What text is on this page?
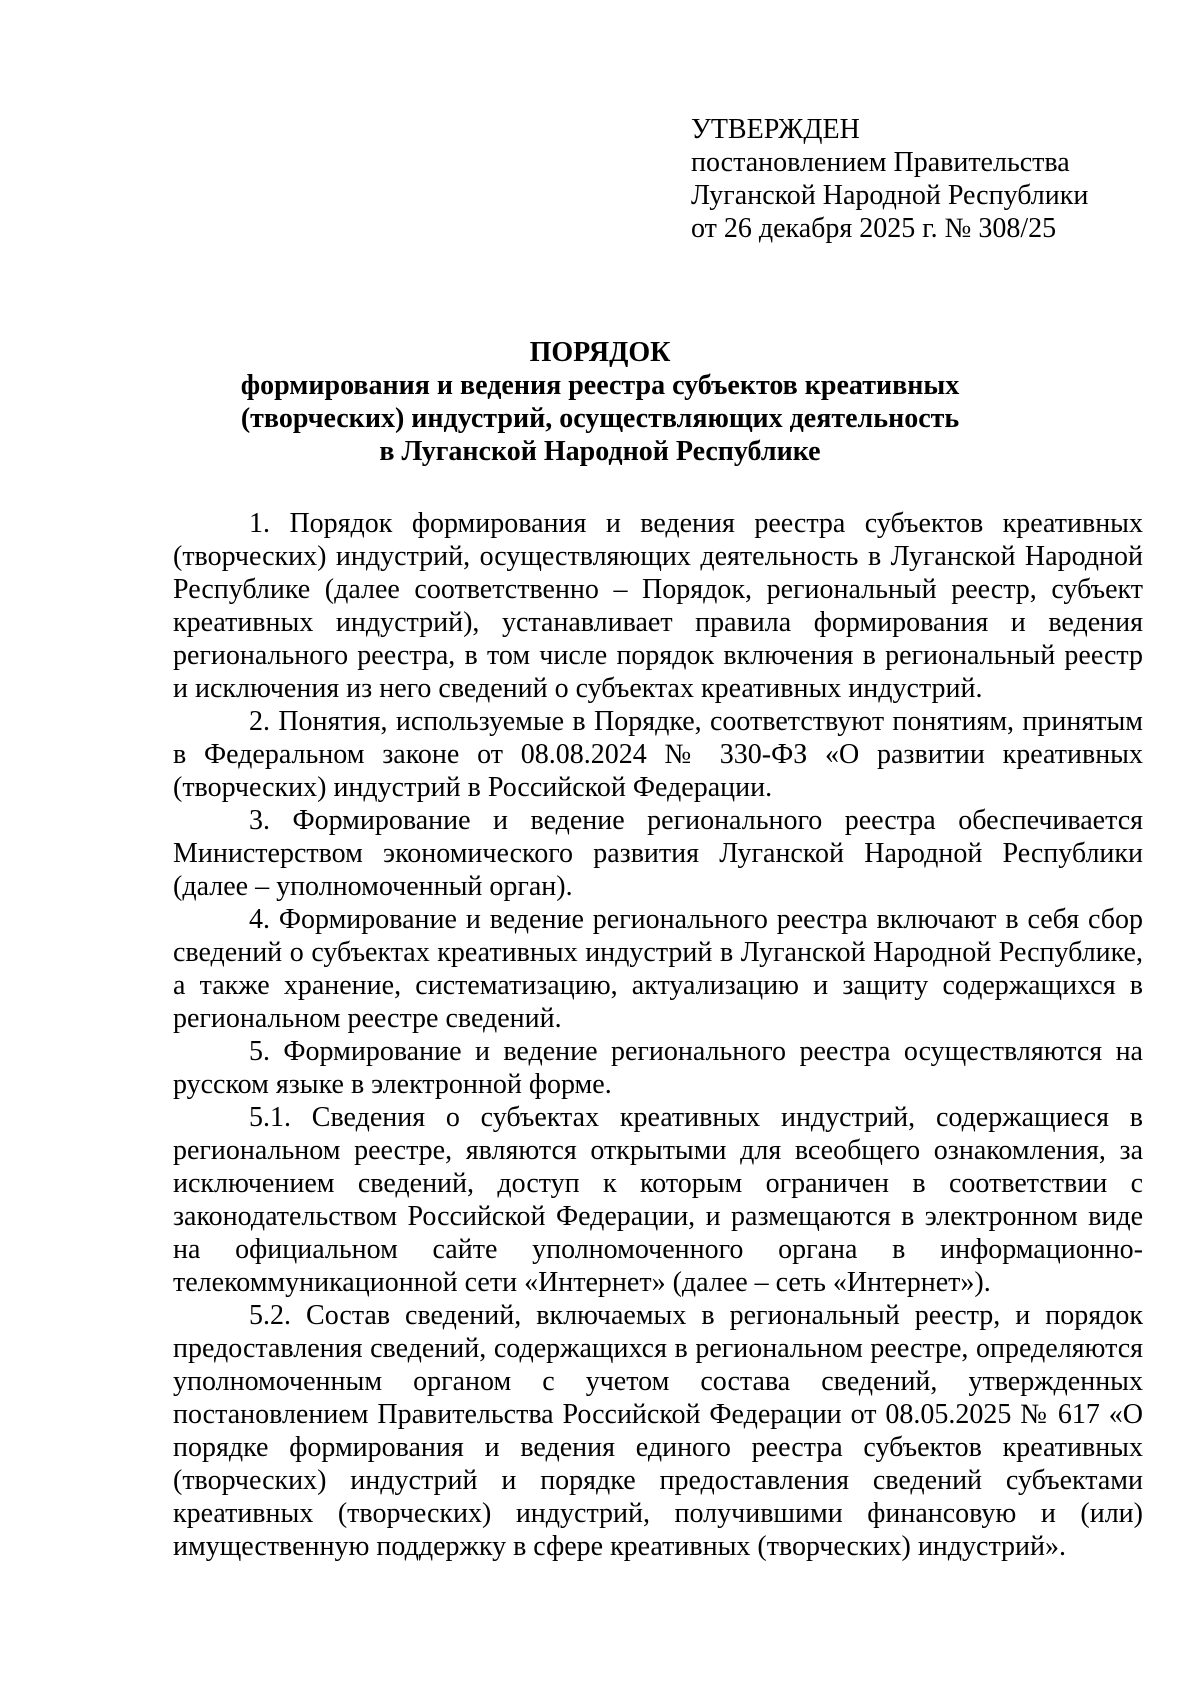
УТВЕРЖДЕН
постановлением Правительства
Луганской Народной Республики
от 26 декабря 2025 г. № 308/25
ПОРЯДОК
формирования и ведения реестра субъектов креативных
(творческих) индустрий, осуществляющих деятельность
в Луганской Народной Республике

1. Порядок формирования и ведения реестра субъектов креативных (творческих) индустрий, осуществляющих деятельность в Луганской Народной Республике (далее соответственно – Порядок, региональный реестр, субъект креативных индустрий), устанавливает правила формирования и ведения регионального реестра, в том числе порядок включения в региональный реестр и исключения из него сведений о субъектах креативных индустрий.

2. Понятия, используемые в Порядке, соответствуют понятиям, принятым в Федеральном законе от 08.08.2024 № 330-ФЗ «О развитии креативных (творческих) индустрий в Российской Федерации.

3. Формирование и ведение регионального реестра обеспечивается Министерством экономического развития Луганской Народной Республики (далее – уполномоченный орган).

4. Формирование и ведение регионального реестра включают в себя сбор сведений о субъектах креативных индустрий в Луганской Народной Республике, а также хранение, систематизацию, актуализацию и защиту содержащихся в региональном реестре сведений.

5. Формирование и ведение регионального реестра осуществляются на русском языке в электронной форме.

5.1. Сведения о субъектах креативных индустрий, содержащиеся в региональном реестре, являются открытыми для всеобщего ознакомления, за исключением сведений, доступ к которым ограничен в соответствии с законодательством Российской Федерации, и размещаются в электронном виде на официальном сайте уполномоченного органа в информационно-телекоммуникационной сети «Интернет» (далее – сеть «Интернет»).

5.2. Состав сведений, включаемых в региональный реестр, и порядок предоставления сведений, содержащихся в региональном реестре, определяются уполномоченным органом с учетом состава сведений, утвержденных постановлением Правительства Российской Федерации от 08.05.2025 № 617 «О порядке формирования и ведения единого реестра субъектов креативных (творческих) индустрий и порядке предоставления сведений субъектами креативных (творческих) индустрий, получившими финансовую и (или) имущественную поддержку в сфере креативных (творческих) индустрий».
